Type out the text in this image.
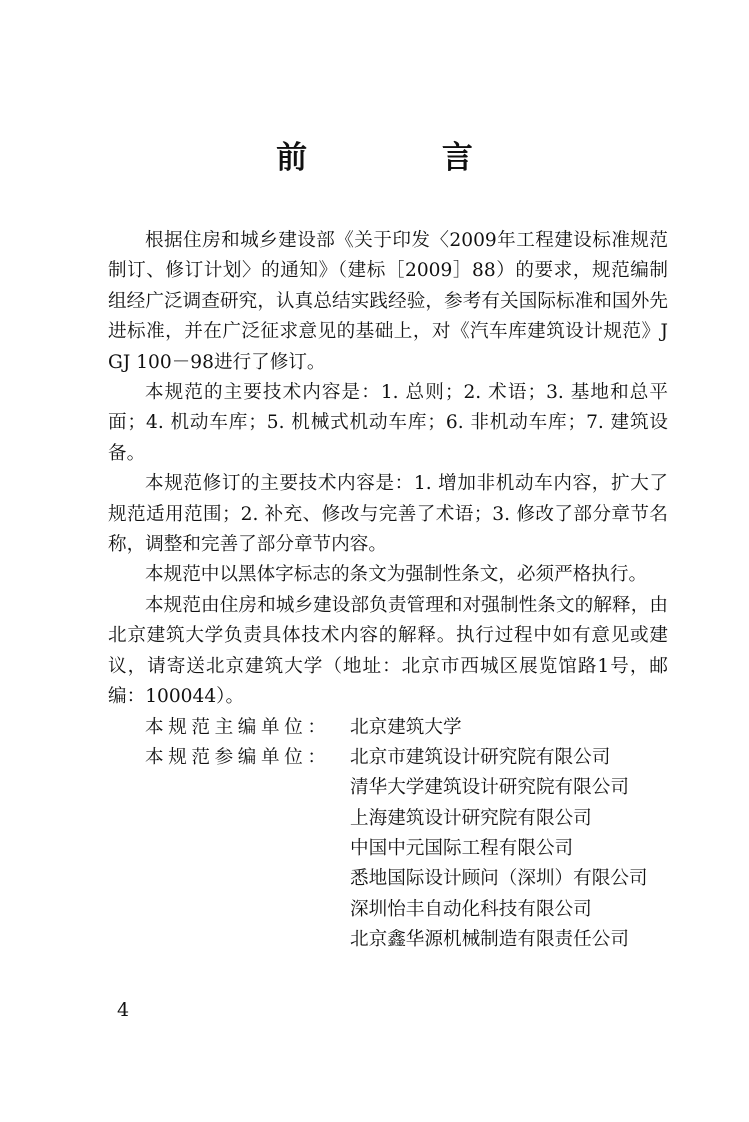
前 言

根据住房和城乡建设部《关于印发〈2009年工程建设标准规范制订、修订计划〉的通知》（建标［2009］88）的要求，规范编制组经广泛调查研究，认真总结实践经验，参考有关国际标准和国外先进标准，并在广泛征求意见的基础上，对《汽车库建筑设计规范》JGJ 100－98进行了修订。

本规范的主要技术内容是：1. 总则；2. 术语；3. 基地和总平面；4. 机动车库；5. 机械式机动车库；6. 非机动车库；7. 建筑设备。

本规范修订的主要技术内容是：1. 增加非机动车内容，扩大了规范适用范围；2. 补充、修改与完善了术语；3. 修改了部分章节名称，调整和完善了部分章节内容。

本规范中以黑体字标志的条文为强制性条文，必须严格执行。

本规范由住房和城乡建设部负责管理和对强制性条文的解释，由北京建筑大学负责具体技术内容的解释。执行过程中如有意见或建议，请寄送北京建筑大学（地址：北京市西城区展览馆路1号，邮编：100044）。

本规范主编单位：	北京建筑大学
本规范参编单位：	北京市建筑设计研究院有限公司
清华大学建筑设计研究院有限公司
上海建筑设计研究院有限公司
中国中元国际工程有限公司
悉地国际设计顾问（深圳）有限公司
深圳怡丰自动化科技有限公司
北京鑫华源机械制造有限责任公司
4
